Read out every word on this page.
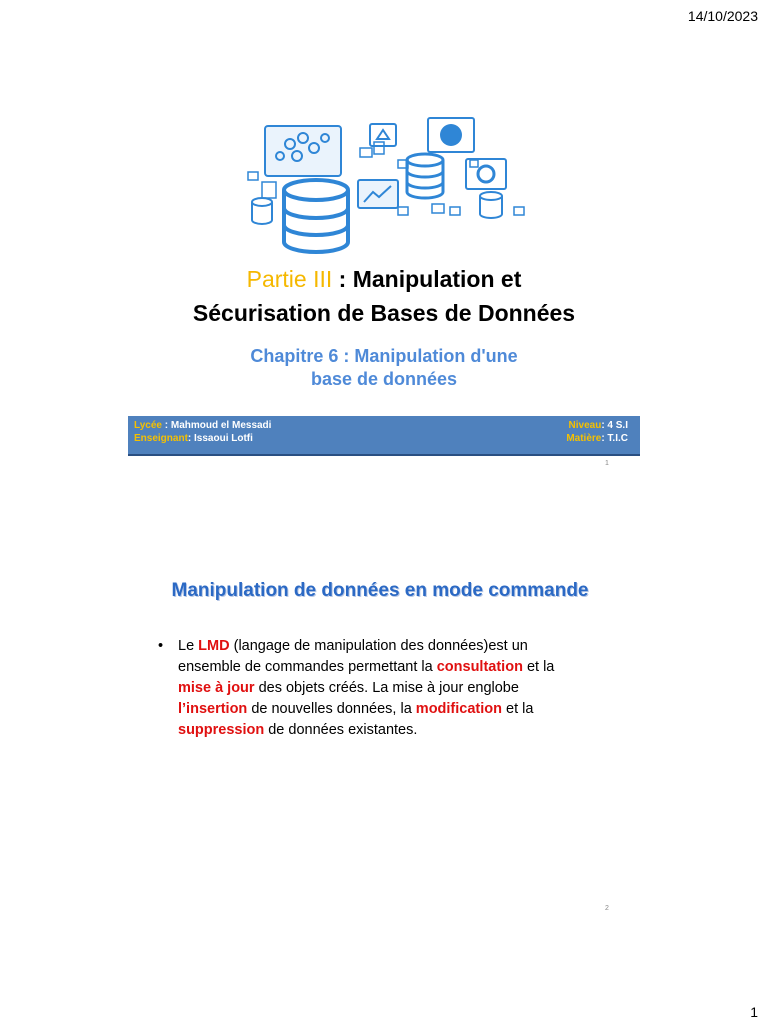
14/10/2023
Partie III : Manipulation et
Sécurisation de Bases de Données
Chapitre 6 : Manipulation d'une
base de données
Lycée : Mahmoud el Messadi	Niveau: 4 S.I
Enseignant: Issaoui Lotfi	Matière: T.I.C
1
Manipulation de données en mode commande
• Le LMD (langage de manipulation des données)est un ensemble de commandes permettant la consultation et la mise à jour des objets créés. La mise à jour englobe l’insertion de nouvelles données, la modification et la suppression de données existantes.
2
1
